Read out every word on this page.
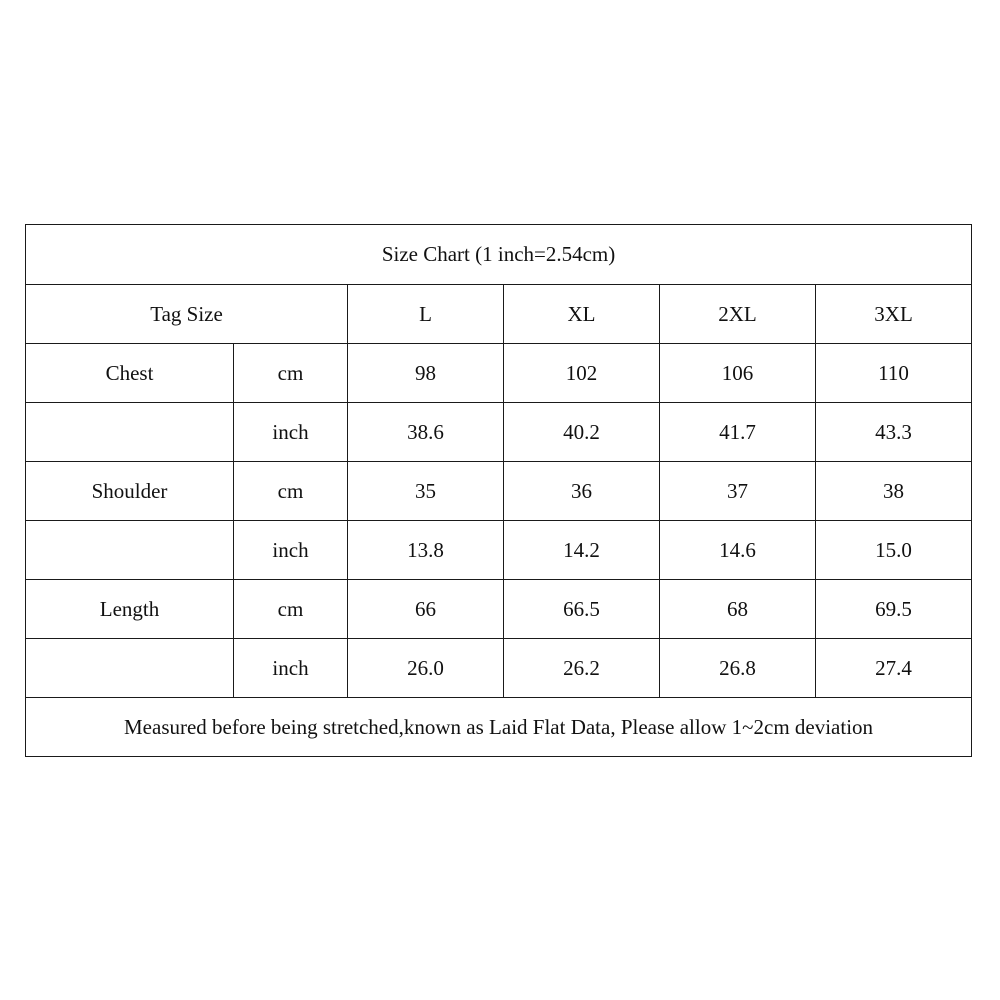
Size Chart (1 inch=2.54cm)					
Tag Size		L	XL	2XL	3XL
Chest	cm	98	102	106	110
	inch	38.6	40.2	41.7	43.3
Shoulder	cm	35	36	37	38
	inch	13.8	14.2	14.6	15.0
Length	cm	66	66.5	68	69.5
	inch	26.0	26.2	26.8	27.4
Measured before being stretched,known as Laid Flat Data, Please allow 1~2cm deviation					
